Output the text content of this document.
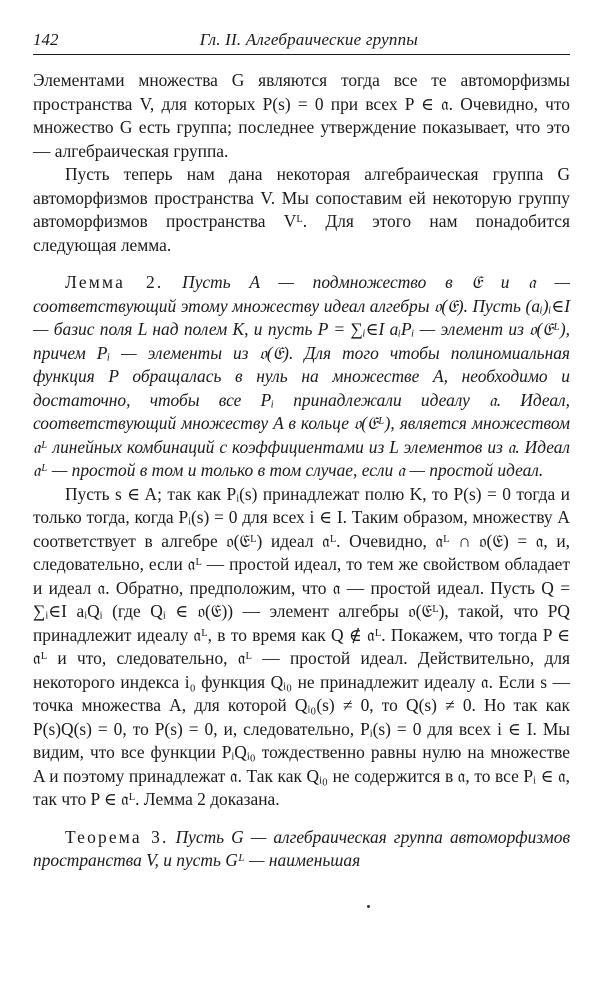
142	Гл. II. Алгебраические группы

Элементами множества G являются тогда все те автоморфизмы пространства V, для которых P(s) = 0 при всех P ∈ 𝔞. Очевидно, что множество G есть группа; последнее утверждение показывает, что это — алгебраическая группа.

Пусть теперь нам дана некоторая алгебраическая группа G автоморфизмов пространства V. Мы сопоставим ей некоторую группу автоморфизмов пространства Vᴸ. Для этого нам понадобится следующая лемма.

Лемма 2. Пусть A — подмножество в 𝔈 и 𝔞 — соответствующий этому множеству идеал алгебры 𝔬(𝔈). Пусть (aᵢ)ᵢ∈I — базис поля L над полем K, и пусть P = ∑ᵢ∈I aᵢPᵢ — элемент из 𝔬(𝔈ᴸ), причем Pᵢ — элементы из 𝔬(𝔈). Для того чтобы полиномиальная функция P обращалась в нуль на множестве A, необходимо и достаточно, чтобы все Pᵢ принадлежали идеалу 𝔞. Идеал, соответствующий множеству A в кольце 𝔬(𝔈ᴸ), является множеством 𝔞ᴸ линейных комбинаций с коэффициентами из L элементов из 𝔞. Идеал 𝔞ᴸ — простой в том и только в том случае, если 𝔞 — простой идеал.

Пусть s ∈ A; так как Pᵢ(s) принадлежат полю K, то P(s) = 0 тогда и только тогда, когда Pᵢ(s) = 0 для всех i ∈ I. Таким образом, множеству A соответствует в алгебре 𝔬(𝔈ᴸ) идеал 𝔞ᴸ. Очевидно, 𝔞ᴸ ∩ 𝔬(𝔈) = 𝔞, и, следовательно, если 𝔞ᴸ — простой идеал, то тем же свойством обладает и идеал 𝔞. Обратно, предположим, что 𝔞 — простой идеал. Пусть Q = ∑ᵢ∈I aᵢQᵢ (где Qᵢ ∈ 𝔬(𝔈)) — элемент алгебры 𝔬(𝔈ᴸ), такой, что PQ принадлежит идеалу 𝔞ᴸ, в то время как Q ∉ 𝔞ᴸ. Покажем, что тогда P ∈ 𝔞ᴸ и что, следовательно, 𝔞ᴸ — простой идеал. Действительно, для некоторого индекса i₀ функция Qᵢ₀ не принадлежит идеалу 𝔞. Если s — точка множества A, для которой Qᵢ₀(s) ≠ 0, то Q(s) ≠ 0. Но так как P(s)Q(s) = 0, то P(s) = 0, и, следовательно, Pᵢ(s) = 0 для всех i ∈ I. Мы видим, что все функции PᵢQᵢ₀ тождественно равны нулю на множестве A и поэтому принадлежат 𝔞. Так как Qᵢ₀ не содержится в 𝔞, то все Pᵢ ∈ 𝔞, так что P ∈ 𝔞ᴸ. Лемма 2 доказана.

Теорема 3. Пусть G — алгебраическая группа автоморфизмов пространства V, и пусть Gᴸ — наименьшая
